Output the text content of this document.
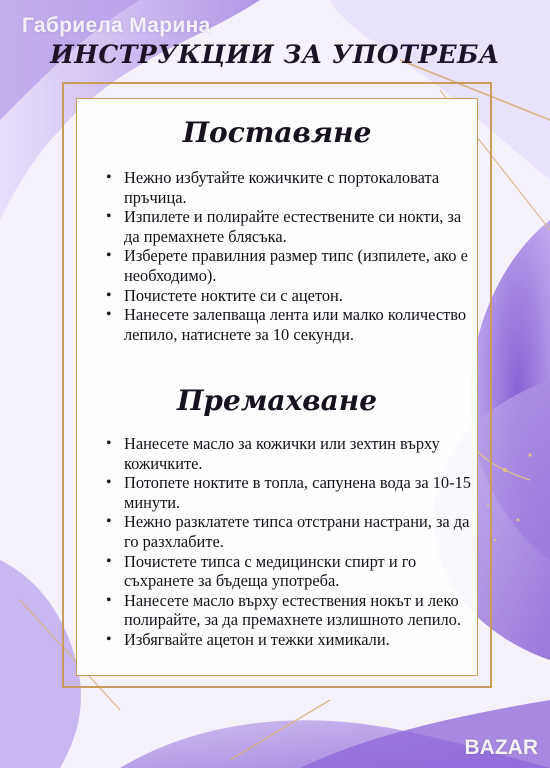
Габриела Марина
ИНСТРУКЦИИ ЗА УПОТРЕБА
Поставяне
• Нежно избутайте кожичките с портокаловата пръчица.
• Изпилете и полирайте естествените си нокти, за да премахнете блясъка.
• Изберете правилния размер типс (изпилете, ако е необходимо).
• Почистете ноктите си с ацетон.
• Нанесете залепваща лента или малко количество лепило, натиснете за 10 секунди.
Премахване
• Нанесете масло за кожички или зехтин върху кожичките.
• Потопете ноктите в топла, сапунена вода за 10-15 минути.
• Нежно разклатете типса отстрани настрани, за да го разхлабите.
• Почистете типса с медицински спирт и го съхранете за бъдеща употреба.
• Нанесете масло върху естествения нокът и леко полирайте, за да премахнете излишното лепило.
• Избягвайте ацетон и тежки химикали.
BAZAR
